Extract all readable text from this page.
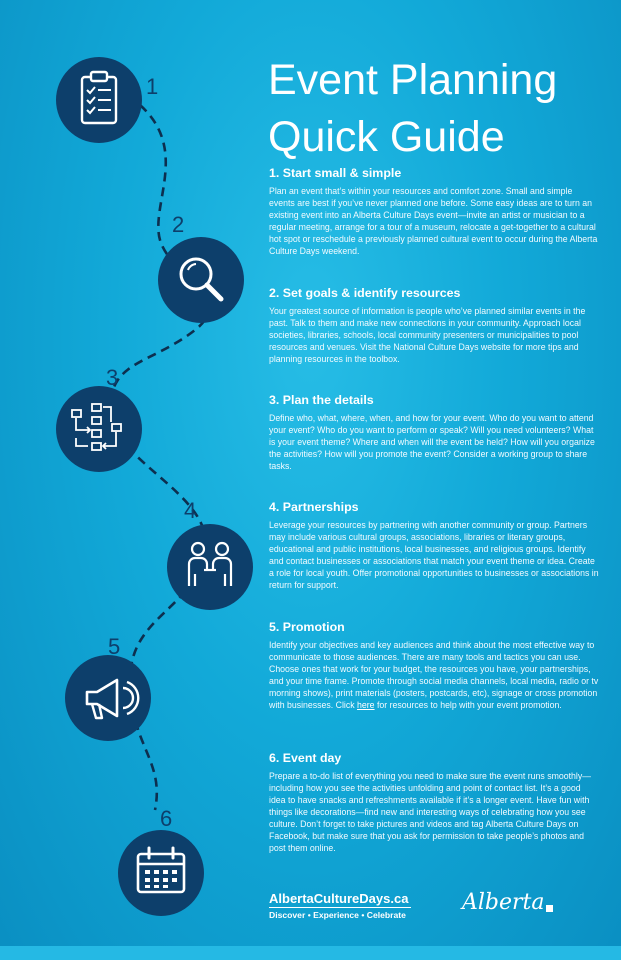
1
2
3
4
5
6
Event Planning
Quick Guide
1. Start small & simple

Plan an event that’s within your resources and comfort zone. Small and simple events are best if you’ve never planned one before. Some easy ideas are to turn an existing event into an Alberta Culture Days event—invite an artist or musician to a regular meeting, arrange for a tour of a museum, relocate a get-together to a cultural hot spot or reschedule a previously planned cultural event to occur during the Alberta Culture Days weekend.

2. Set goals & identify resources

Your greatest source of information is people who’ve planned similar events in the past. Talk to them and make new connections in your community. Approach local societies, libraries, schools, local community presenters or municipalities to pool resources and venues. Visit the National Culture Days website for more tips and planning resources in the toolbox.

3. Plan the details

Define who, what, where, when, and how for your event. Who do you want to attend your event? Who do you want to perform or speak? Will you need volunteers? What is your event theme? Where and when will the event be held? How will you organize the activities? How will you promote the event? Consider a working group to share tasks.

4. Partnerships

Leverage your resources by partnering with another community or group. Partners may include various cultural groups, associations, libraries or literary groups, educational and public institutions, local businesses, and religious groups. Identify and contact businesses or associations that match your event theme or idea. Create a role for local youth. Offer promotional opportunities to businesses or associations in return for support.

5. Promotion

Identify your objectives and key audiences and think about the most effective way to communicate to those audiences. There are many tools and tactics you can use. Choose ones that work for your budget, the resources you have, your partnerships, and your time frame. Promote through social media channels, local media, radio or tv morning shows), print materials (posters, postcards, etc), signage or cross promotion with businesses. Click here for resources to help with your event promotion.

6. Event day

Prepare a to-do list of everything you need to make sure the event runs smoothly—including how you see the activities unfolding and point of contact list. It’s a good idea to have snacks and refreshments available if it’s a longer event. Have fun with things like decorations—find new and interesting ways of celebrating how you see culture. Don’t forget to take pictures and videos and tag Alberta Culture Days on Facebook, but make sure that you ask for permission to take people’s photos and post them online.

AlbertaCultureDays.ca
Discover • Experience • Celebrate	Alberta
